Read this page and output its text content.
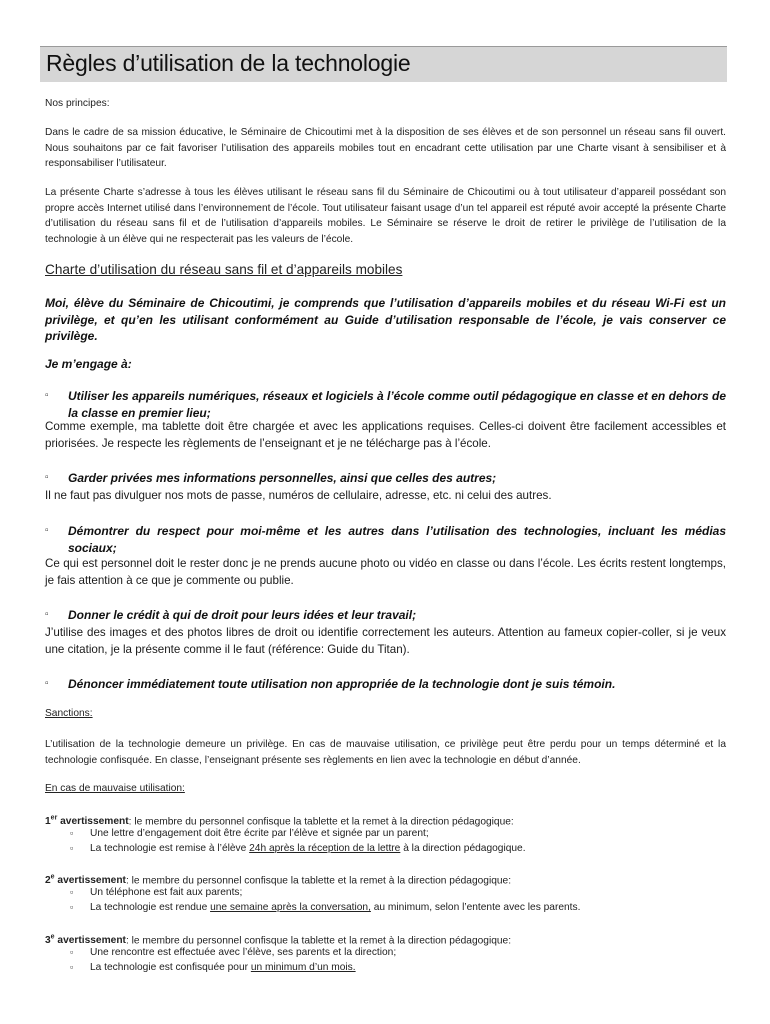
Règles d’utilisation de la technologie

Nos principes:

Dans le cadre de sa mission éducative, le Séminaire de Chicoutimi met à la disposition de ses élèves et de son personnel un réseau sans fil ouvert. Nous souhaitons par ce fait favoriser l’utilisation des appareils mobiles tout en encadrant cette utilisation par une Charte visant à sensibiliser et à responsabiliser l’utilisateur.

La présente Charte s’adresse à tous les élèves utilisant le réseau sans fil du Séminaire de Chicoutimi ou à tout utilisateur d’appareil possédant son propre accès Internet utilisé dans l’environnement de l’école. Tout utilisateur faisant usage d’un tel appareil est réputé avoir accepté la présente Charte d’utilisation du réseau sans fil et de l’utilisation d’appareils mobiles. Le Séminaire se réserve le droit de retirer le privilège de l’utilisation de la technologie à un élève qui ne respecterait pas les valeurs de l’école.

Charte d’utilisation du réseau sans fil et d’appareils mobiles

Moi, élève du Séminaire de Chicoutimi, je comprends que l’utilisation d’appareils mobiles et du réseau Wi-Fi est un privilège, et qu’en les utilisant conformément au Guide d’utilisation responsable de l’école, je vais conserver ce privilège.

Je m’engage à:

▫ Utiliser les appareils numériques, réseaux et logiciels à l’école comme outil pédagogique en classe et en dehors de la classe en premier lieu;

Comme exemple, ma tablette doit être chargée et avec les applications requises. Celles-ci doivent être facilement accessibles et priorisées. Je respecte les règlements de l’enseignant et je ne télécharge pas à l’école.

▫ Garder privées mes informations personnelles, ainsi que celles des autres;

Il ne faut pas divulguer nos mots de passe, numéros de cellulaire, adresse, etc. ni celui des autres.

▫ Démontrer du respect pour moi-même et les autres dans l’utilisation des technologies, incluant les médias sociaux;

Ce qui est personnel doit le rester donc je ne prends aucune photo ou vidéo en classe ou dans l’école. Les écrits restent longtemps, je fais attention à ce que je commente ou publie.

▫ Donner le crédit à qui de droit pour leurs idées et leur travail;

J’utilise des images et des photos libres de droit ou identifie correctement les auteurs. Attention au fameux copier-coller, si je veux une citation, je la présente comme il le faut (référence: Guide du Titan).

▫ Dénoncer immédiatement toute utilisation non appropriée de la technologie dont je suis témoin.

Sanctions:

L’utilisation de la technologie demeure un privilège. En cas de mauvaise utilisation, ce privilège peut être perdu pour un temps déterminé et la technologie confisquée. En classe, l’enseignant présente ses règlements en lien avec la technologie en début d’année.

En cas de mauvaise utilisation:

1er avertissement: le membre du personnel confisque la tablette et la remet à la direction pédagogique:

▫ Une lettre d’engagement doit être écrite par l’élève et signée par un parent;
▫ La technologie est remise à l’élève 24h après la réception de la lettre à la direction pédagogique.

2e avertissement: le membre du personnel confisque la tablette et la remet à la direction pédagogique:

▫ Un téléphone est fait aux parents;
▫ La technologie est rendue une semaine après la conversation, au minimum, selon l’entente avec les parents.

3e avertissement: le membre du personnel confisque la tablette et la remet à la direction pédagogique:

▫ Une rencontre est effectuée avec l’élève, ses parents et la direction;
▫ La technologie est confisquée pour un minimum d’un mois.
